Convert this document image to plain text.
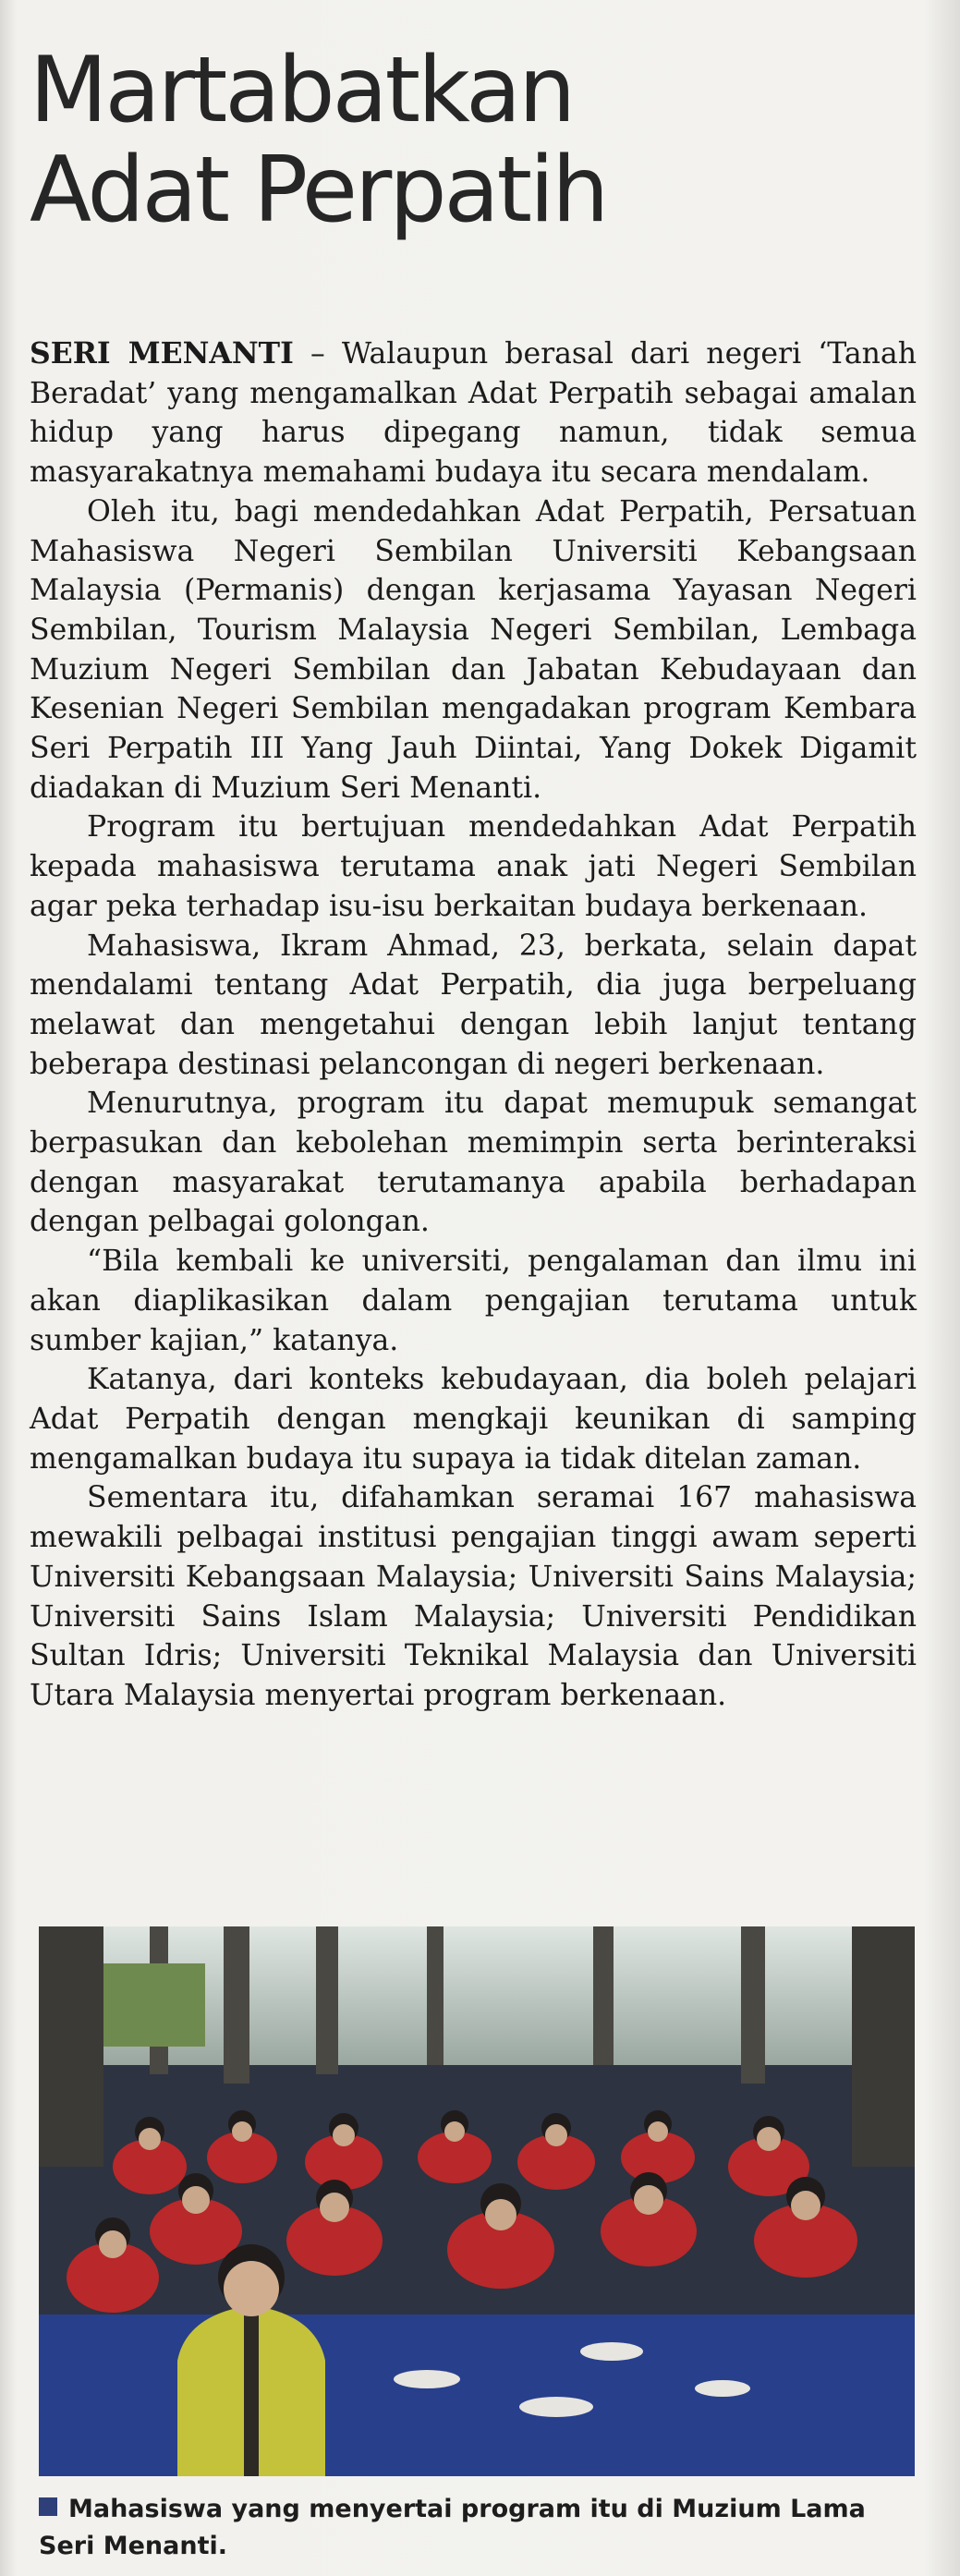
Martabatkan Adat Perpatih

SERI MENANTI – Walaupun berasal dari negeri ‘Tanah Beradat’ yang mengamalkan Adat Perpatih sebagai amalan hidup yang harus dipegang namun, tidak semua masyarakatnya memahami budaya itu secara mendalam.

Oleh itu, bagi mendedahkan Adat Perpatih, Persatuan Mahasiswa Negeri Sembilan Universiti Kebangsaan Malaysia (Permanis) dengan kerjasama Yayasan Negeri Sembilan, Tourism Malaysia Negeri Sembilan, Lembaga Muzium Negeri Sembilan dan Jabatan Kebudayaan dan Kesenian Negeri Sembilan mengadakan program Kembara Seri Perpatih III Yang Jauh Diintai, Yang Dokek Digamit diadakan di Muzium Seri Menanti.

Program itu bertujuan mendedahkan Adat Perpatih kepada mahasiswa terutama anak jati Negeri Sembilan agar peka terhadap isu-isu berkaitan budaya berkenaan.

Mahasiswa, Ikram Ahmad, 23, berkata, selain dapat mendalami tentang Adat Perpatih, dia juga berpeluang melawat dan mengetahui dengan lebih lanjut tentang beberapa destinasi pelancongan di negeri berkenaan.

Menurutnya, program itu dapat memupuk semangat berpasukan dan kebolehan memimpin serta berinteraksi dengan masyarakat terutamanya apabila berhadapan dengan pelbagai golongan.

“Bila kembali ke universiti, pengalaman dan ilmu ini akan diaplikasikan dalam pengajian terutama untuk sumber kajian,” katanya.

Katanya, dari konteks kebudayaan, dia boleh pelajari Adat Perpatih dengan mengkaji keunikan di samping mengamalkan budaya itu supaya ia tidak ditelan zaman.

Sementara itu, difahamkan seramai 167 mahasiswa mewakili pelbagai institusi pengajian tinggi awam seperti Universiti Kebangsaan Malaysia; Universiti Sains Malaysia; Universiti Sains Islam Malaysia; Universiti Pendidikan Sultan Idris; Universiti Teknikal Malaysia dan Universiti Utara Malaysia menyertai program berkenaan.

Mahasiswa yang menyertai program itu di Muzium Lama Seri Menanti.
